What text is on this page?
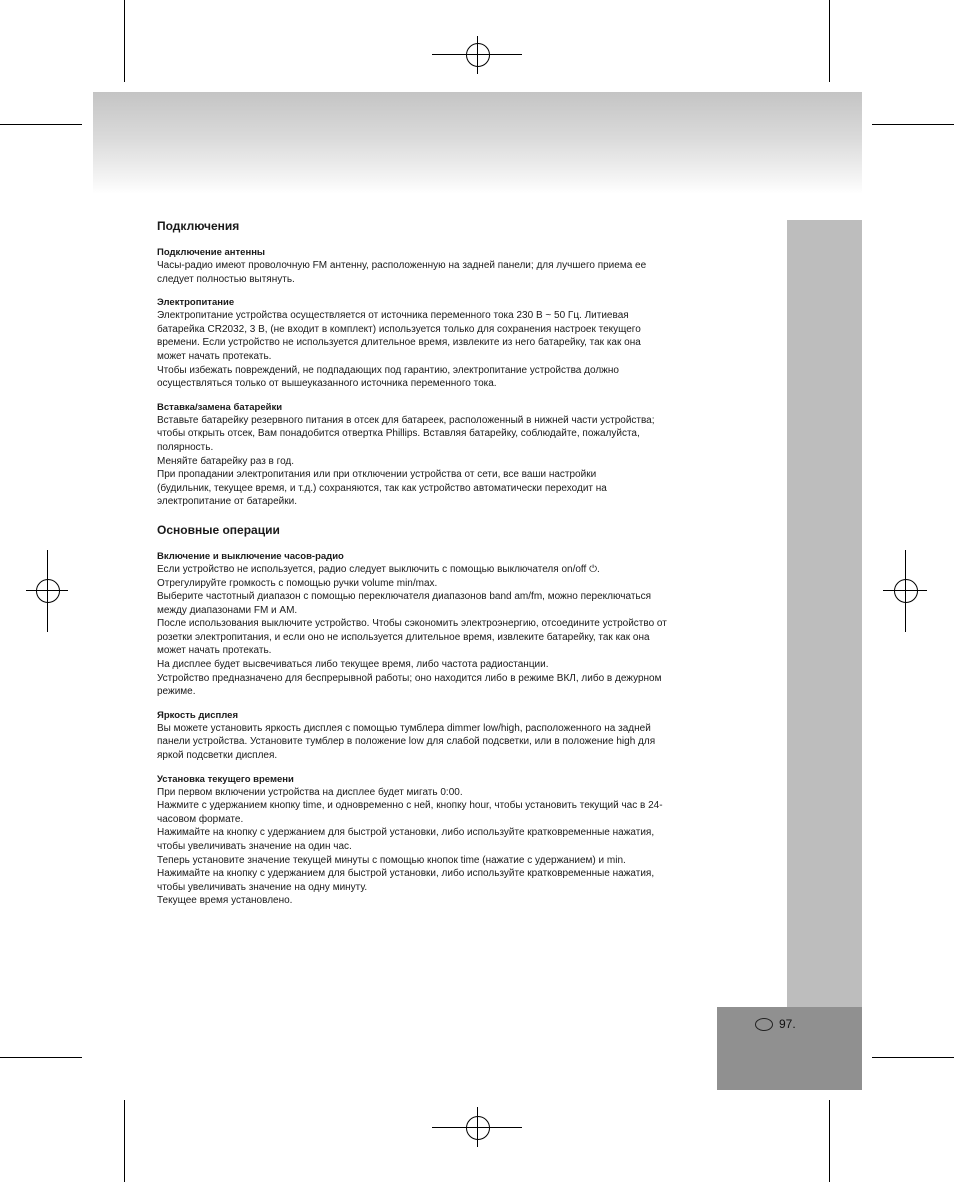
97.
Подключения
Подключение антенны

Часы-радио имеют проволочную FM антенну, расположенную на задней панели; для лучшего приема ее

следует полностью вытянуть.

Электропитание

Электропитание устройства осуществляется от источника переменного тока 230 В ~ 50 Гц. Литиевая

батарейка CR2032, 3 В, (не входит в комплект) используется только для сохранения настроек текущего

времени. Если устройство не используется длительное время, извлеките из него батарейку, так как она

может начать протекать.

Чтобы избежать повреждений, не подпадающих под гарантию, электропитание устройства должно

осуществляться только от вышеуказанного источника переменного тока.

Вставка/замена батарейки

Вставьте батарейку резервного питания в отсек для батареек, расположенный в нижней части устройства;

чтобы открыть отсек, Вам понадобится отвертка Phillips. Вставляя батарейку, соблюдайте, пожалуйста,

полярность.

Меняйте батарейку раз в год.

При пропадании электропитания или при отключении устройства от сети, все ваши настройки

(будильник, текущее время, и т.д.) сохраняются, так как устройство автоматически переходит на

электропитание от батарейки.

Основные операции
Включение и выключение часов-радио

Если устройство не используется, радио следует выключить с помощью выключателя on/off ⏻.

Отрегулируйте громкость с помощью ручки volume min/max.

Выберите частотный диапазон с помощью переключателя диапазонов band am/fm, можно переключаться

между диапазонами FM и AM.

После использования выключите устройство. Чтобы сэкономить электроэнергию, отсоедините устройство от

розетки электропитания, и если оно не используется длительное время, извлеките батарейку, так как она

может начать протекать.

На дисплее будет высвечиваться либо текущее время, либо частота радиостанции.

Устройство предназначено для беспрерывной работы; оно находится либо в режиме ВКЛ, либо в дежурном

режиме.

Яркость дисплея

Вы можете установить яркость дисплея с помощью тумблера dimmer low/high, расположенного на задней

панели устройства. Установите тумблер в положение low для слабой подсветки, или в положение high для

яркой подсветки дисплея.

Установка текущего времени

При первом включении устройства на дисплее будет мигать 0:00.

Нажмите с удержанием кнопку time, и одновременно с ней, кнопку hour, чтобы установить текущий час в 24-

часовом формате.

Нажимайте на кнопку с удержанием для быстрой установки, либо используйте кратковременные нажатия,

чтобы увеличивать значение на один час.

Теперь установите значение текущей минуты с помощью кнопок time (нажатие с удержанием) и min.

Нажимайте на кнопку с удержанием для быстрой установки, либо используйте кратковременные нажатия,

чтобы увеличивать значение на одну минуту.

Текущее время установлено.
